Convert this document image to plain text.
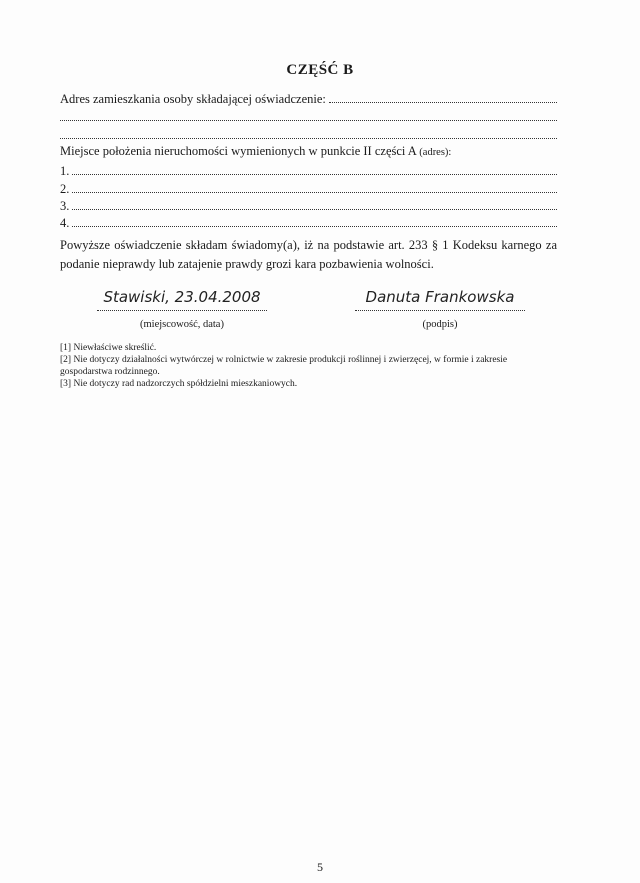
CZĘŚĆ B
Adres zamieszkania osoby składającej oświadczenie:
Miejsce położenia nieruchomości wymienionych w punkcie II części A (adres):
1.
2.
3.
4.
Powyższe oświadczenie składam świadomy(a), iż na podstawie art. 233 § 1 Kodeksu karnego za podanie nieprawdy lub zatajenie prawdy grozi kara pozbawienia wolności.
Stawiski, 23.04.2008
(miejscowość, data)
Danuta Frankowska
(podpis)

[1] Niewłaściwe skreślić.

[2] Nie dotyczy działalności wytwórczej w rolnictwie w zakresie produkcji roślinnej i zwierzęcej, w formie i zakresie gospodarstwa rodzinnego.

[3] Nie dotyczy rad nadzorczych spółdzielni mieszkaniowych.

5
